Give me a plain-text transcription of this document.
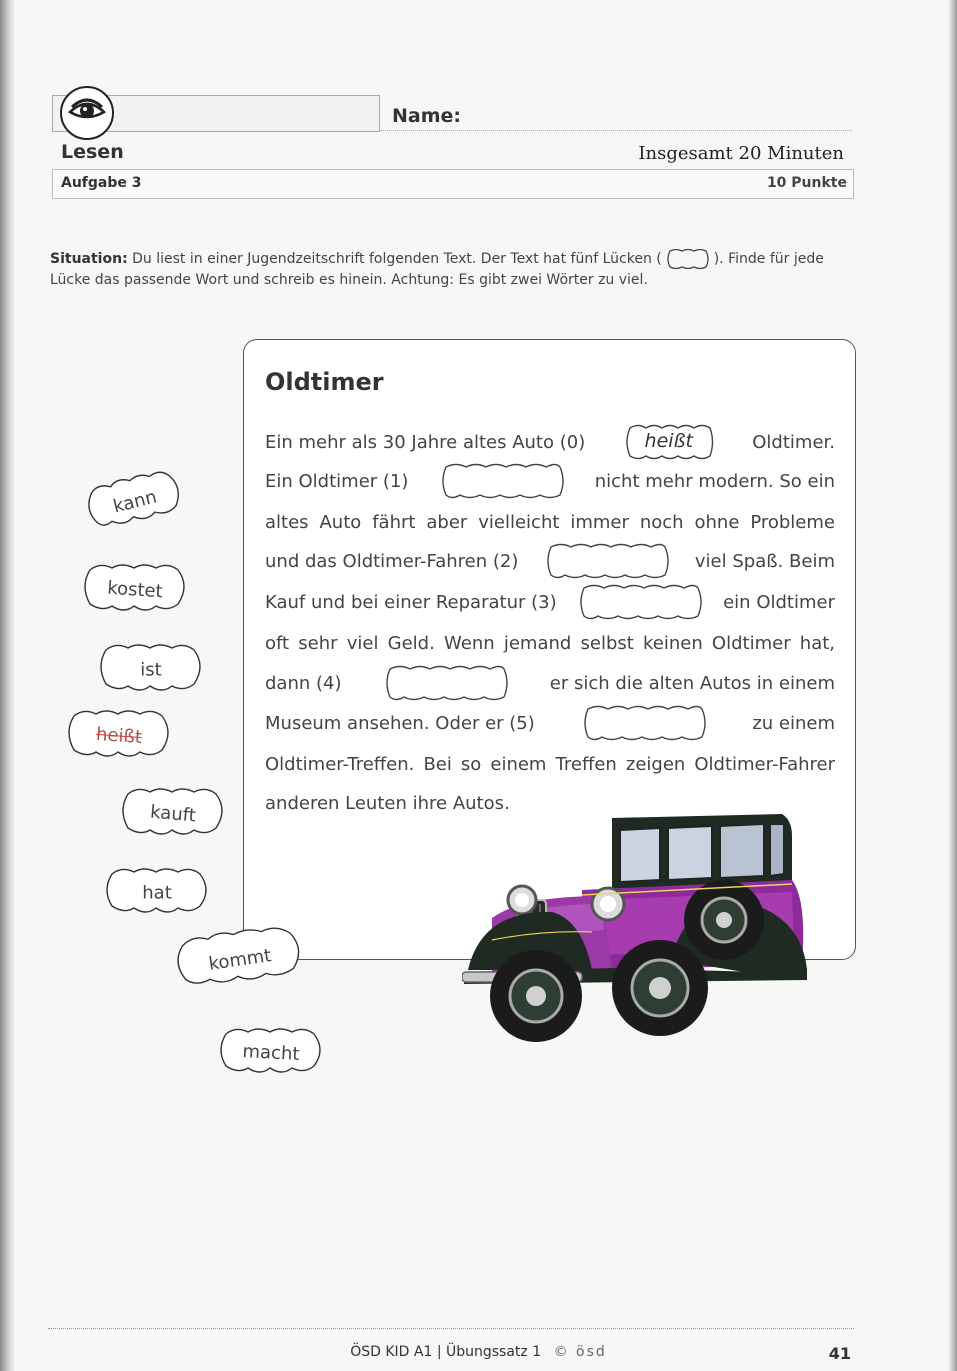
Name:
Lesen	Insgesamt 20 Minuten
Aufgabe 3	10 Punkte
Situation: Du liest in einer Jugendzeitschrift folgenden Text. Der Text hat fünf Lücken (	). Finde für jede Lücke das passende Wort und schreib es hinein. Achtung: Es gibt zwei Wörter zu viel.
Oldtimer
Ein mehr als 30 Jahre altes Auto (0)	heißt	Oldtimer.
Ein Oldtimer (1)	nicht mehr modern. So ein
altes Auto fährt aber vielleicht immer noch ohne Probleme
und das Oldtimer-Fahren (2)	viel Spaß. Beim
Kauf und bei einer Reparatur (3)	ein Oldtimer
oft sehr viel Geld. Wenn jemand selbst keinen Oldtimer hat,
dann (4)	er sich die alten Autos in einem
Museum ansehen. Oder er (5)	zu einem
Oldtimer-Treffen. Bei so einem Treffen zeigen Oldtimer-Fahrer
anderen Leuten ihre Autos.
kann
kostet
ist
heißt
kauft
hat
kommt
macht
ÖSD KID A1 | Übungssatz 1 © ösd	41
